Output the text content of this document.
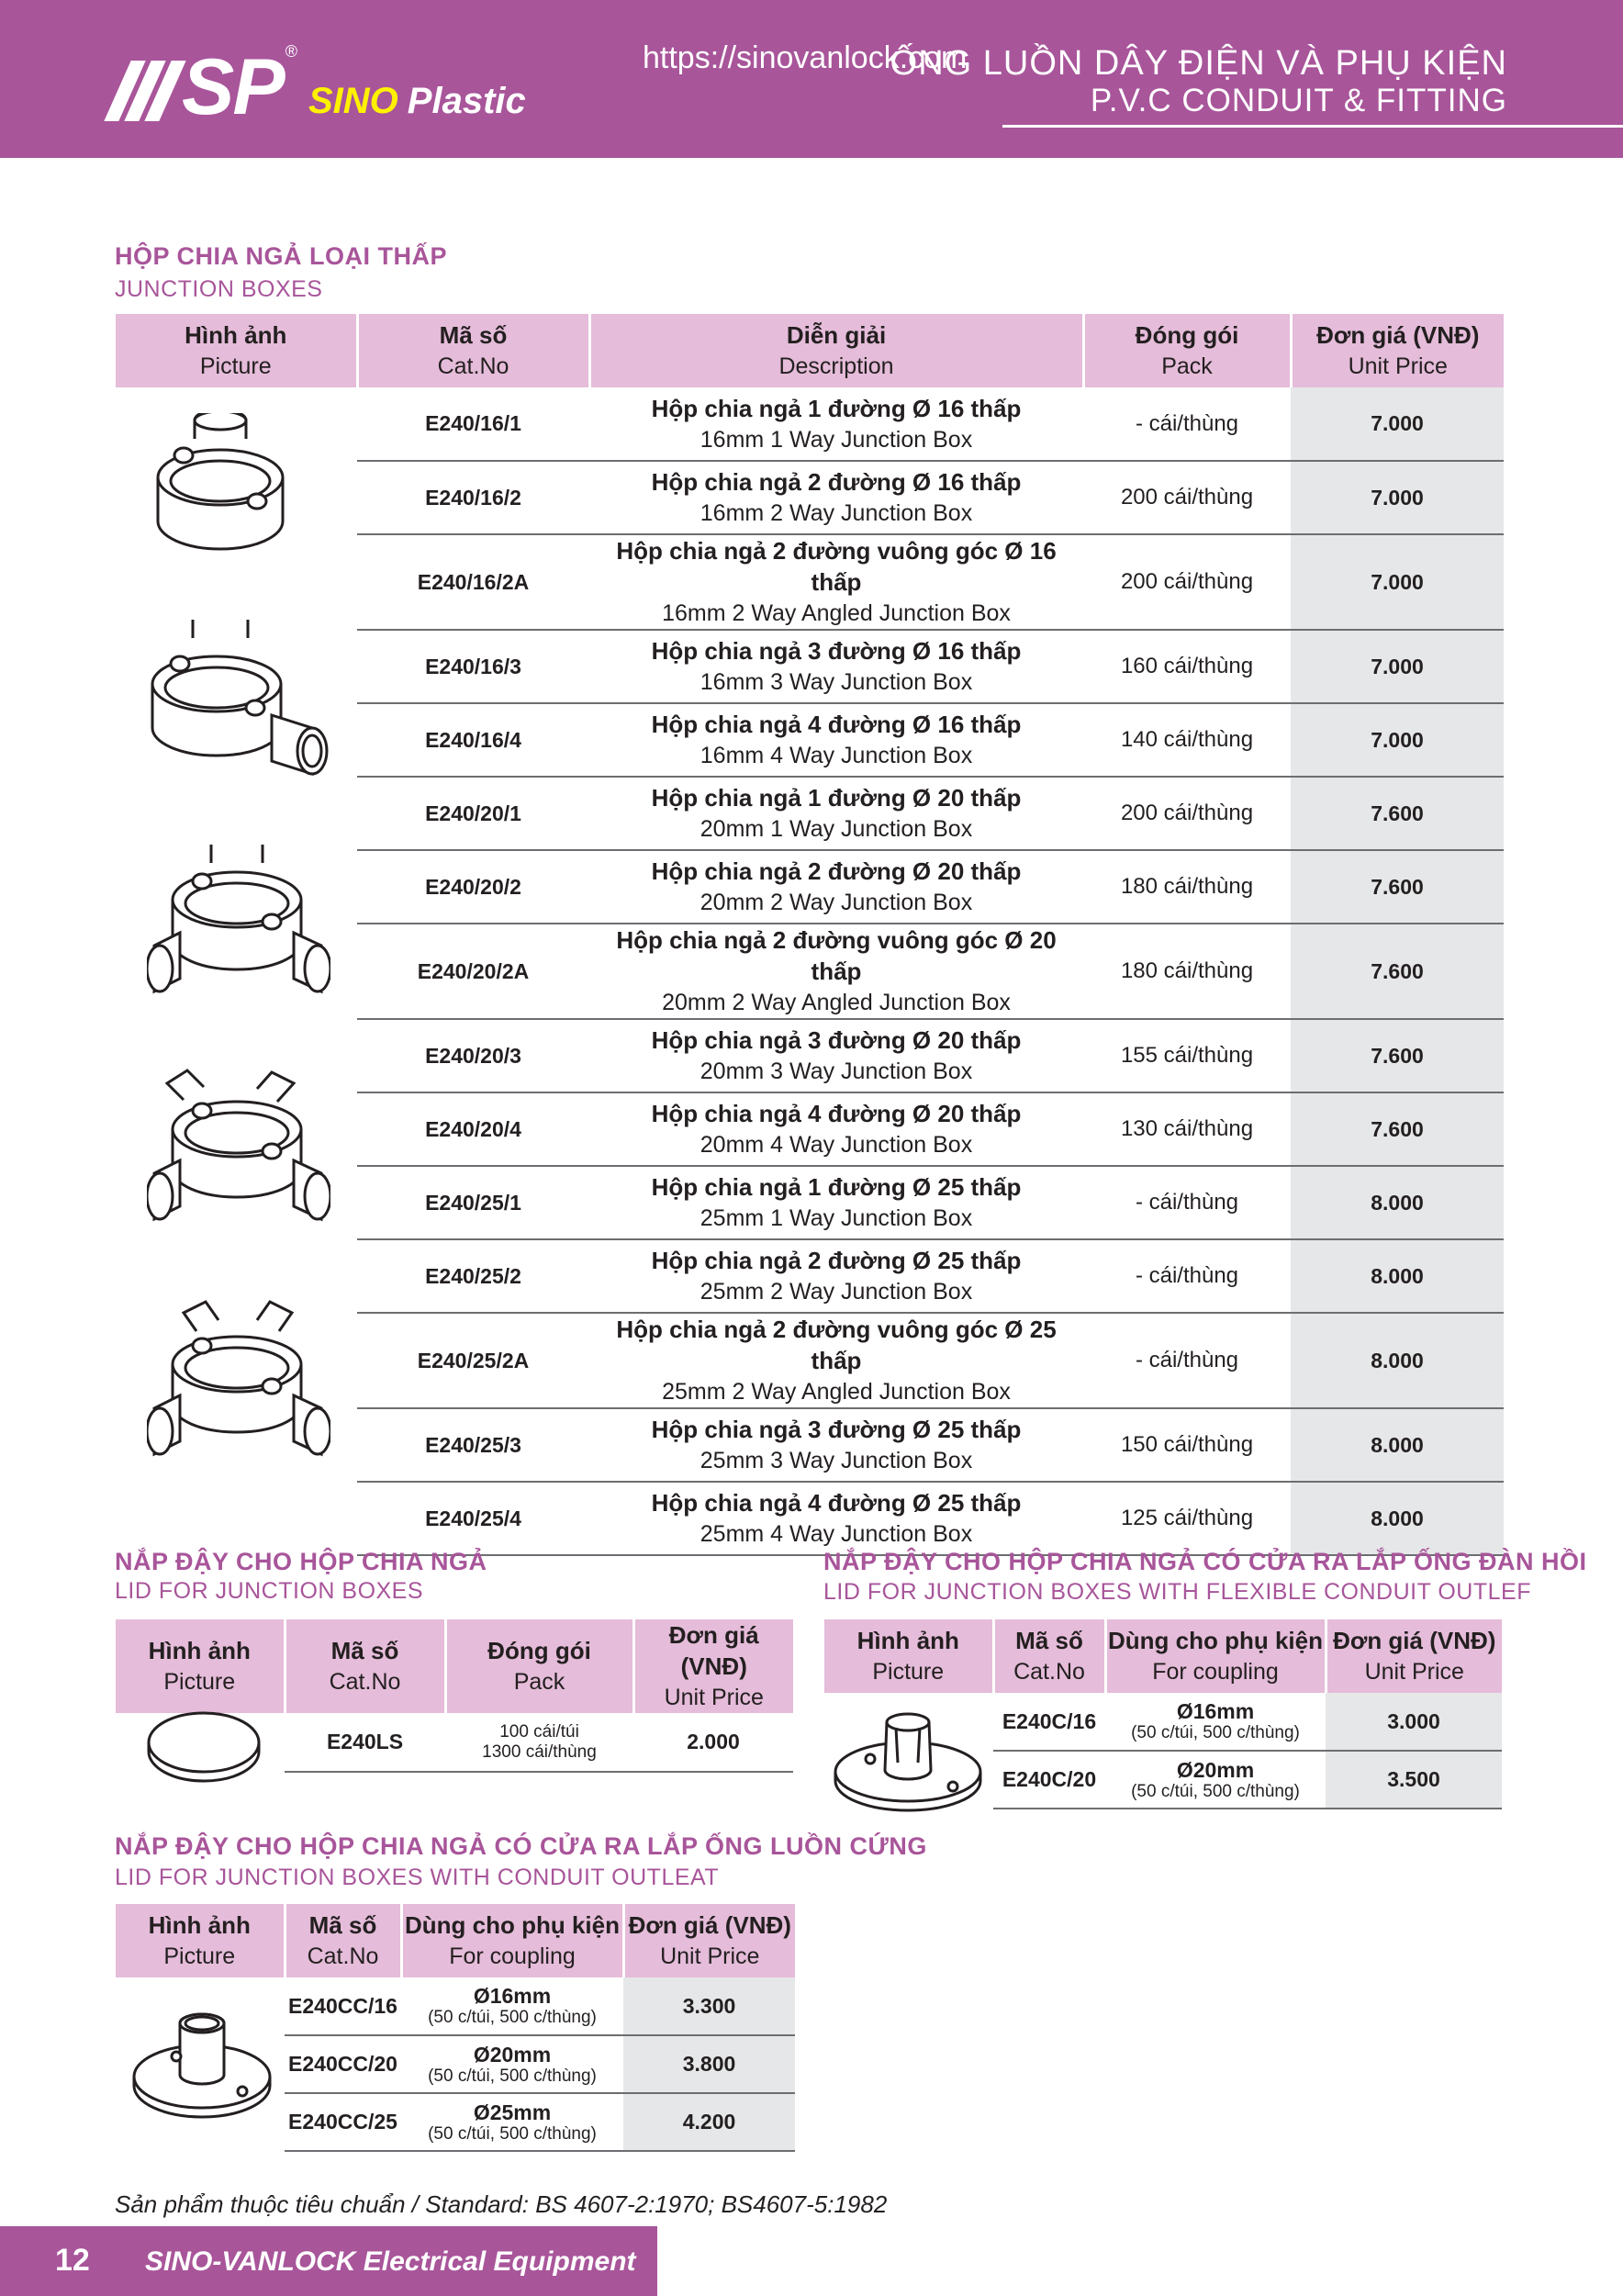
SP ®
SINO Plastic
https://sinovanlock.com
ỐNG LUỒN DÂY ĐIỆN VÀ PHỤ KIỆN
P.V.C CONDUIT & FITTING
HỘP CHIA NGẢ LOẠI THẤP
JUNCTION BOXES
Hình ảnh
Picture	Mã số
Cat.No	Diễn giải
Description	Đóng gói
Pack	Đơn giá (VNĐ)
Unit Price

	E240/16/1	Hộp chia ngả 1 đường Ø 16 thấp
16mm 1 Way Junction Box	- cái/thùng	7.000
	E240/16/2	Hộp chia ngả 2 đường Ø 16 thấp
16mm 2 Way Junction Box	200 cái/thùng	7.000
	E240/16/2A	Hộp chia ngả 2 đường vuông góc Ø 16 thấp
16mm 2 Way Angled Junction Box	200 cái/thùng	7.000
	E240/16/3	Hộp chia ngả 3 đường Ø 16 thấp
16mm 3 Way Junction Box	160 cái/thùng	7.000
	E240/16/4	Hộp chia ngả 4 đường Ø 16 thấp
16mm 4 Way Junction Box	140 cái/thùng	7.000
	E240/20/1	Hộp chia ngả 1 đường Ø 20 thấp
20mm 1 Way Junction Box	200 cái/thùng	7.600
	E240/20/2	Hộp chia ngả 2 đường Ø 20 thấp
20mm 2 Way Junction Box	180 cái/thùng	7.600
	E240/20/2A	Hộp chia ngả 2 đường vuông góc Ø 20 thấp
20mm 2 Way Angled Junction Box	180 cái/thùng	7.600
	E240/20/3	Hộp chia ngả 3 đường Ø 20 thấp
20mm 3 Way Junction Box	155 cái/thùng	7.600
	E240/20/4	Hộp chia ngả 4 đường Ø 20 thấp
20mm 4 Way Junction Box	130 cái/thùng	7.600
	E240/25/1	Hộp chia ngả 1 đường Ø 25 thấp
25mm 1 Way Junction Box	- cái/thùng	8.000
	E240/25/2	Hộp chia ngả 2 đường Ø 25 thấp
25mm 2 Way Junction Box	- cái/thùng	8.000
	E240/25/2A	Hộp chia ngả 2 đường vuông góc Ø 25 thấp
25mm 2 Way Angled Junction Box	- cái/thùng	8.000
	E240/25/3	Hộp chia ngả 3 đường Ø 25 thấp
25mm 3 Way Junction Box	150 cái/thùng	8.000
	E240/25/4	Hộp chia ngả 4 đường Ø 25 thấp
25mm 4 Way Junction Box	125 cái/thùng	8.000
NẮP ĐẬY CHO HỘP CHIA NGẢ
LID FOR JUNCTION BOXES
Hình ảnh
Picture	Mã số
Cat.No	Đóng gói
Pack	Đơn giá (VNĐ)
Unit Price

	E240LS	100 cái/túi
1300 cái/thùng	2.000
NẮP ĐẬY CHO HỘP CHIA NGẢ CÓ CỬA RA LẮP ỐNG LUỒN CỨNG
LID FOR JUNCTION BOXES WITH CONDUIT OUTLEAT
Hình ảnh
Picture	Mã số
Cat.No	Dùng cho phụ kiện
For coupling	Đơn giá (VNĐ)
Unit Price

	E240CC/16	Ø16mm
(50 c/túi, 500 c/thùng)	3.300
	E240CC/20	Ø20mm
(50 c/túi, 500 c/thùng)	3.800
	E240CC/25	Ø25mm
(50 c/túi, 500 c/thùng)	4.200
NẮP ĐẬY CHO HỘP CHIA NGẢ CÓ CỬA RA LẮP ỐNG ĐÀN HỒI
LID FOR JUNCTION BOXES WITH FLEXIBLE CONDUIT OUTLEF
Hình ảnh
Picture	Mã số
Cat.No	Dùng cho phụ kiện
For coupling	Đơn giá (VNĐ)
Unit Price

	E240C/16	Ø16mm
(50 c/túi, 500 c/thùng)	3.000
	E240C/20	Ø20mm
(50 c/túi, 500 c/thùng)	3.500
Sản phẩm thuộc tiêu chuẩn / Standard: BS 4607-2:1970; BS4607-5:1982
12 SINO-VANLOCK Electrical Equipment
